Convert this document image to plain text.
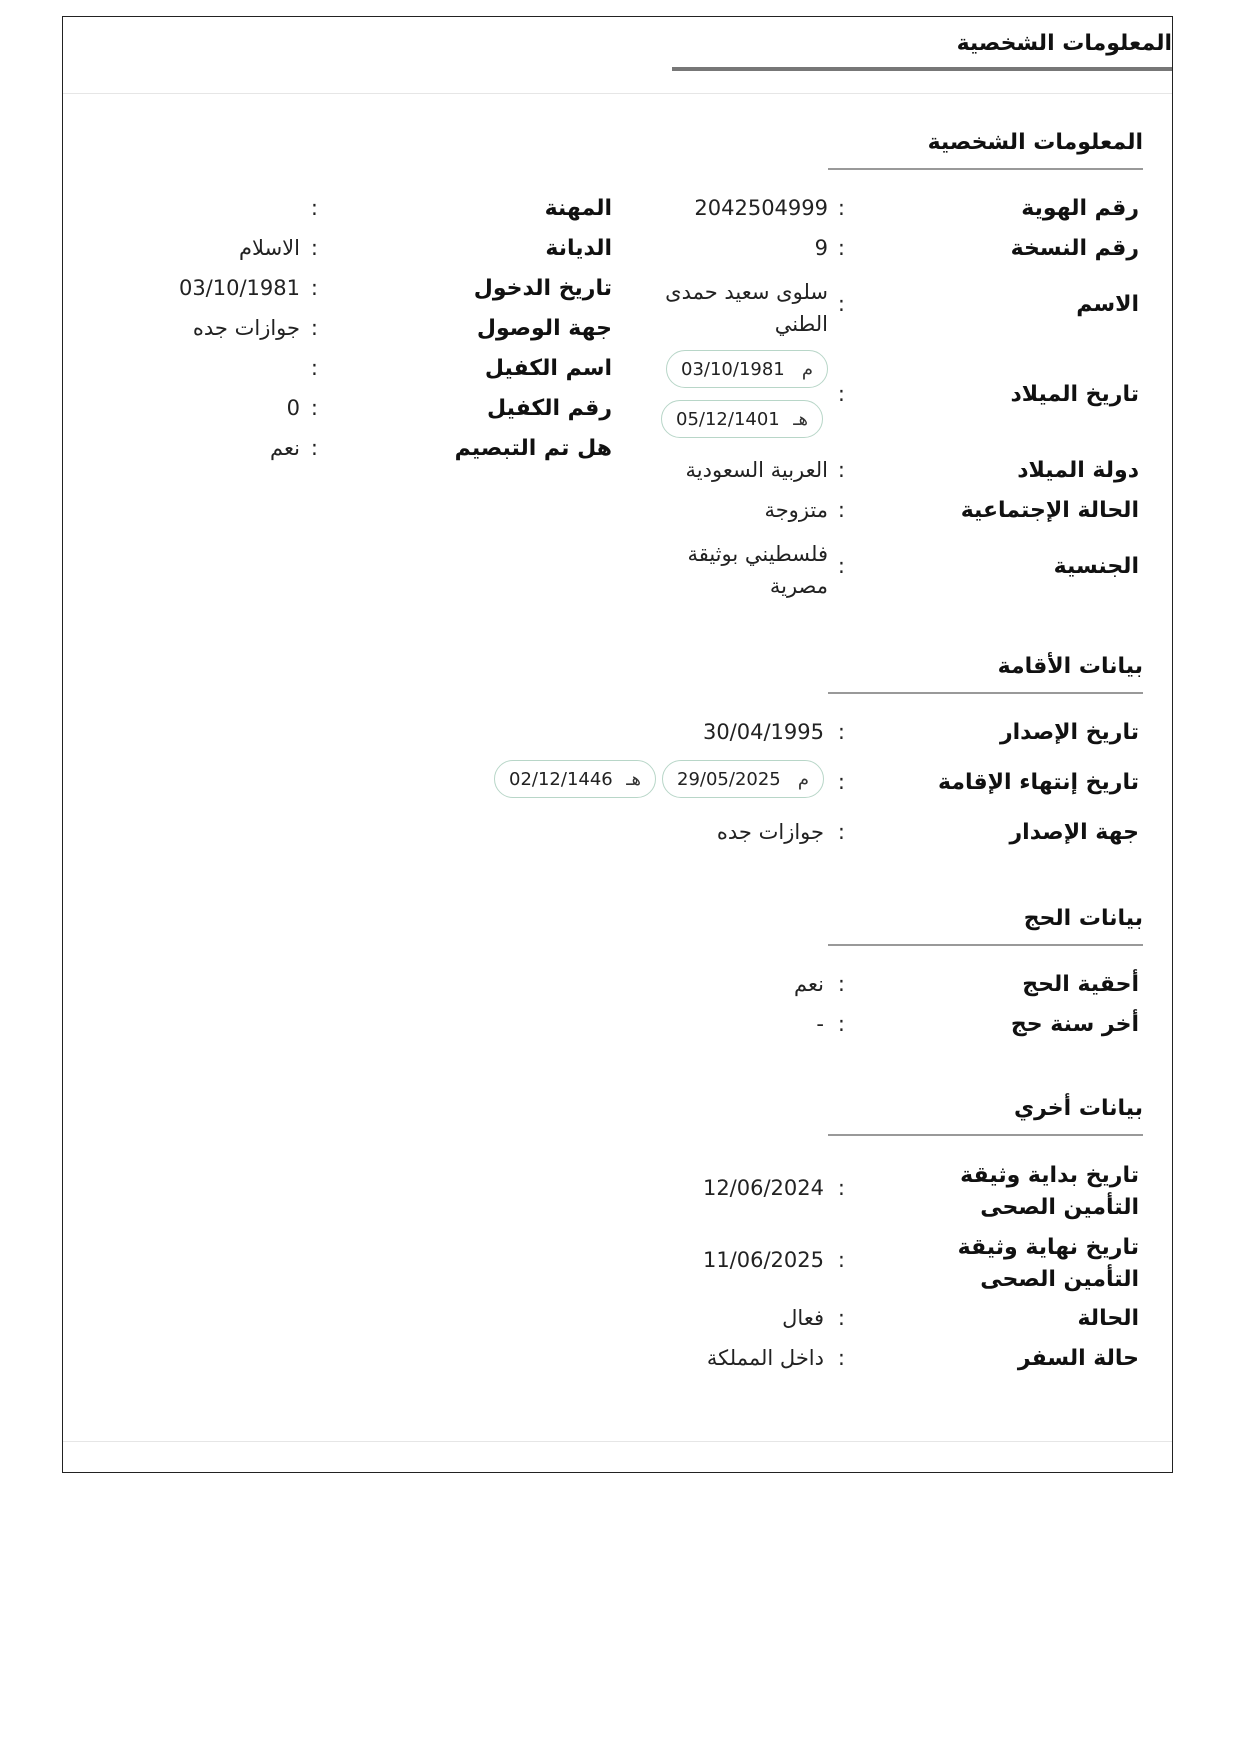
المعلومات الشخصية
المعلومات الشخصية
رقم الهوية
:
2042504999
رقم النسخة
:
9
الاسم
:
سلوى سعيد حمدى الطني
تاريخ الميلاد
:
م
03/10/1981
هـ
05/12/1401
دولة الميلاد
:
العربية السعودية
الحالة الإجتماعية
:
متزوجة
الجنسية
:
فلسطيني بوثيقة مصرية
المهنة
:
الديانة
:
الاسلام
تاريخ الدخول
:
03/10/1981
جهة الوصول
:
جوازات جده
اسم الكفيل
:
رقم الكفيل
:
0
هل تم التبصيم
:
نعم
بيانات الأقامة
تاريخ الإصدار
:
30/04/1995
تاريخ إنتهاء الإقامة
:
م
29/05/2025
هـ
02/12/1446
جهة الإصدار
:
جوازات جده
بيانات الحج
أحقية الحج
:
نعم
أخر سنة حج
:
-
بيانات أخري
تاريخ بداية وثيقة التأمين الصحى
:
12/06/2024
تاريخ نهاية وثيقة التأمين الصحى
:
11/06/2025
الحالة
:
فعال
حالة السفر
:
داخل المملكة
